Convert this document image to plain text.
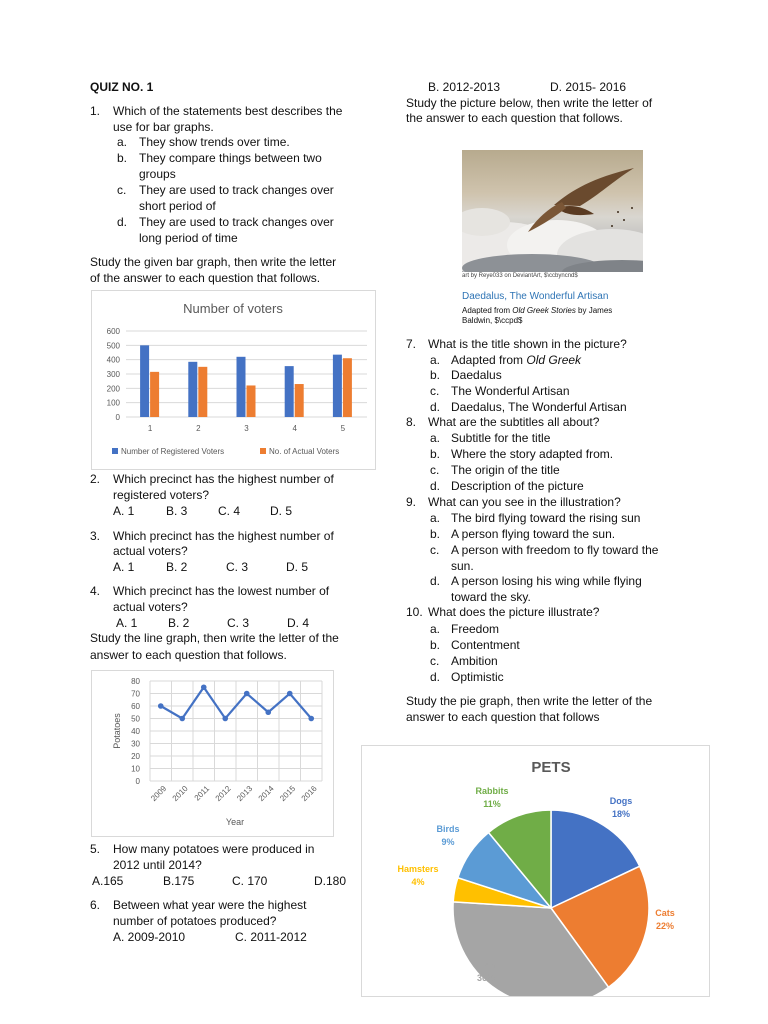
QUIZ NO. 1
1. Which of the statements best describes the
use for bar graphs.
a. They show trends over time.
b. They compare things between two
groups
c. They are used to track changes over
short period of
d. They are used to track changes over
long period of time
Study the given bar graph, then write the letter
of the answer to each question that follows.
Number of voters
0
100
200
300
400
500
600
1	2	3	4	5
Number of Registered Voters	No. of Actual Voters
2. Which precinct has the highest number of
registered voters?
A. 1	B. 3	C. 4 D. 5
3. Which precinct has the highest number of
actual voters?
A. 1	B. 2	C. 3	D. 5
4. Which precinct has the lowest number of
actual voters?
A. 1	B. 2	C. 3	D. 4
Study the line graph, then write the letter of the
answer to each question that follows.
0
10
20
30
40
50
60
70
80
2009 2010 2011 2012 2013 2014 2015 2016
Year
Potatoes
5. How many potatoes were produced in
2012 until 2014?
A.165	B.175	C. 170	D.180
6. Between what year were the highest
number of potatoes produced?
A. 2009-2010	C. 2011-2012
B. 2012-2013	D. 2015- 2016
Study the picture below, then write the letter of
the answer to each question that follows.
art by Reye033 on DeviantArt, $\ccbyncnd$
Daedalus, The Wonderful Artisan
Adapted from Old Greek Stories by James
Baldwin, $\ccpd$
7. What is the title shown in the picture?
a. Adapted from Old Greek
b. Daedalus
c. The Wonderful Artisan
d. Daedalus, The Wonderful Artisan
8. What are the subtitles all about?
a. Subtitle for the title
b. Where the story adapted from.
c. The origin of the title
d. Description of the picture
9. What can you see in the illustration?
a. The bird flying toward the rising sun
b. A person flying toward the sun.
c. A person with freedom to fly toward the
sun.
d. A person losing his wing while flying
toward the sky.
10. What does the picture illustrate?
a. Freedom
b. Contentment
c. Ambition
d. Optimistic
Study the pie graph, then write the letter of the
answer to each question that follows
PETS
Dogs
18%
Cats
22%
Fish
36%
Hamsters
4%
Birds
9%
Rabbits
11%
